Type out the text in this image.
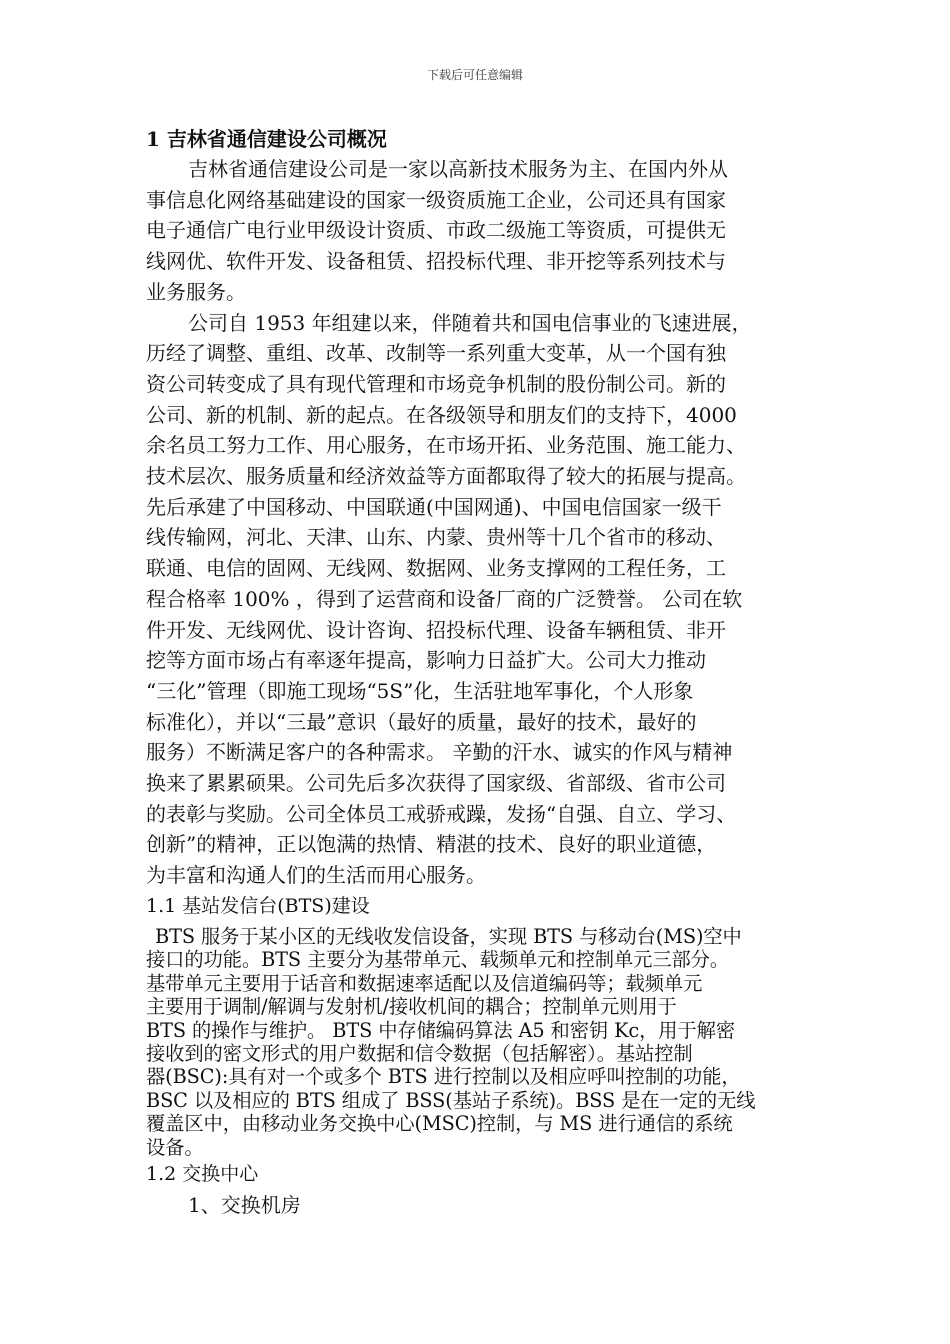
下载后可任意编辑

1 吉林省通信建设公司概况

吉林省通信建设公司是一家以高新技术服务为主、在国内外从

事信息化网络基础建设的国家一级资质施工企业，公司还具有国家

电子通信广电行业甲级设计资质、市政二级施工等资质，可提供无

线网优、软件开发、设备租赁、招投标代理、非开挖等系列技术与

业务服务。

公司自 1953 年组建以来，伴随着共和国电信事业的飞速进展，

历经了调整、重组、改革、改制等一系列重大变革，从一个国有独

资公司转变成了具有现代管理和市场竞争机制的股份制公司。新的

公司、新的机制、新的起点。在各级领导和朋友们的支持下，4000

余名员工努力工作、用心服务，在市场开拓、业务范围、施工能力、

技术层次、服务质量和经济效益等方面都取得了较大的拓展与提高。

先后承建了中国移动、中国联通(中国网通)、中国电信国家一级干

线传输网，河北、天津、山东、内蒙、贵州等十几个省市的移动、

联通、电信的固网、无线网、数据网、业务支撑网的工程任务，工

程合格率 100% ，得到了运营商和设备厂商的广泛赞誉。 公司在软

件开发、无线网优、设计咨询、招投标代理、设备车辆租赁、非开

挖等方面市场占有率逐年提高，影响力日益扩大。公司大力推动

“三化”管理（即施工现场“5S”化，生活驻地军事化，个人形象

标准化），并以“三最”意识（最好的质量，最好的技术，最好的

服务）不断满足客户的各种需求。 辛勤的汗水、诚实的作风与精神

换来了累累硕果。公司先后多次获得了国家级、省部级、省市公司

的表彰与奖励。公司全体员工戒骄戒躁，发扬“自强、自立、学习、

创新”的精神，正以饱满的热情、精湛的技术、良好的职业道德，

为丰富和沟通人们的生活而用心服务。

1.1 基站发信台(BTS)建设

BTS 服务于某小区的无线收发信设备，实现 BTS 与移动台(MS)空中

接口的功能。BTS 主要分为基带单元、载频单元和控制单元三部分。

基带单元主要用于话音和数据速率适配以及信道编码等；载频单元

主要用于调制/解调与发射机/接收机间的耦合；控制单元则用于

BTS 的操作与维护。 BTS 中存储编码算法 A5 和密钥 Kc，用于解密

接收到的密文形式的用户数据和信令数据（包括解密）。基站控制

器(BSC):具有对一个或多个 BTS 进行控制以及相应呼叫控制的功能，

BSC 以及相应的 BTS 组成了 BSS(基站子系统)。BSS 是在一定的无线

覆盖区中，由移动业务交换中心(MSC)控制，与 MS 进行通信的系统

设备。

1.2 交换中心

1、交换机房
